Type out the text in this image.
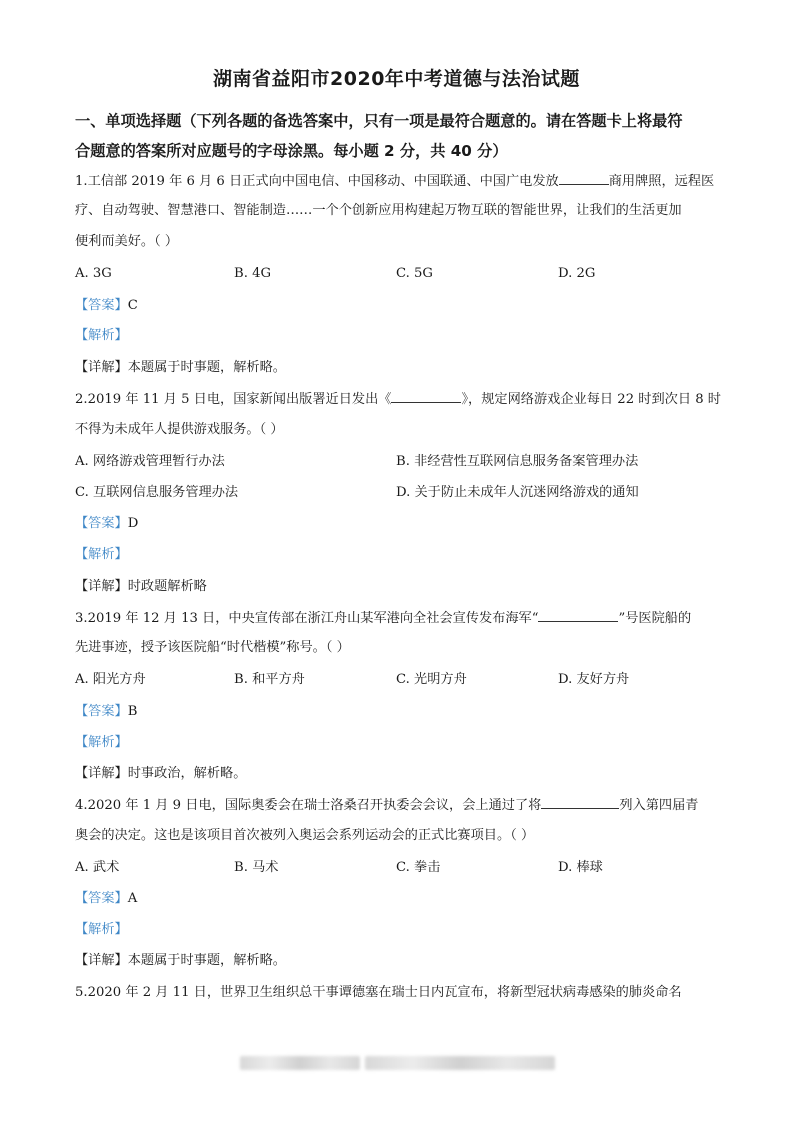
湖南省益阳市2020年中考道德与法治试题
一、单项选择题（下列各题的备选答案中，只有一项是最符合题意的。请在答题卡上将最符
合题意的答案所对应题号的字母涂黑。每小题 2 分，共 40 分）
1.工信部 2019 年 6 月 6 日正式向中国电信、中国移动、中国联通、中国广电发放	商用牌照，远程医
疗、自动驾驶、智慧港口、智能制造……一个个创新应用构建起万物互联的智能世界，让我们的生活更加
便利而美好。（ ）
A. 3G	B. 4G	C. 5G	D. 2G
【答案】C
【解析】
【详解】本题属于时事题，解析略。
2.2019 年 11 月 5 日电，国家新闻出版署近日发出《	》，规定网络游戏企业每日 22 时到次日 8 时
不得为未成年人提供游戏服务。（ ）
A. 网络游戏管理暂行办法	B. 非经营性互联网信息服务备案管理办法
C. 互联网信息服务管理办法	D. 关于防止未成年人沉迷网络游戏的通知
【答案】D
【解析】
【详解】时政题解析略
3.2019 年 12 月 13 日，中央宣传部在浙江舟山某军港向全社会宣传发布海军“	”号医院船的
先进事迹，授予该医院船“时代楷模”称号。（ ）
A. 阳光方舟	B. 和平方舟	C. 光明方舟	D. 友好方舟
【答案】B
【解析】
【详解】时事政治，解析略。
4.2020 年 1 月 9 日电，国际奥委会在瑞士洛桑召开执委会会议，会上通过了将	列入第四届青
奥会的决定。这也是该项目首次被列入奥运会系列运动会的正式比赛项目。（ ）
A. 武术	B. 马术	C. 拳击	D. 棒球
【答案】A
【解析】
【详解】本题属于时事题，解析略。
5.2020 年 2 月 11 日，世界卫生组织总干事谭德塞在瑞士日内瓦宣布，将新型冠状病毒感染的肺炎命名
